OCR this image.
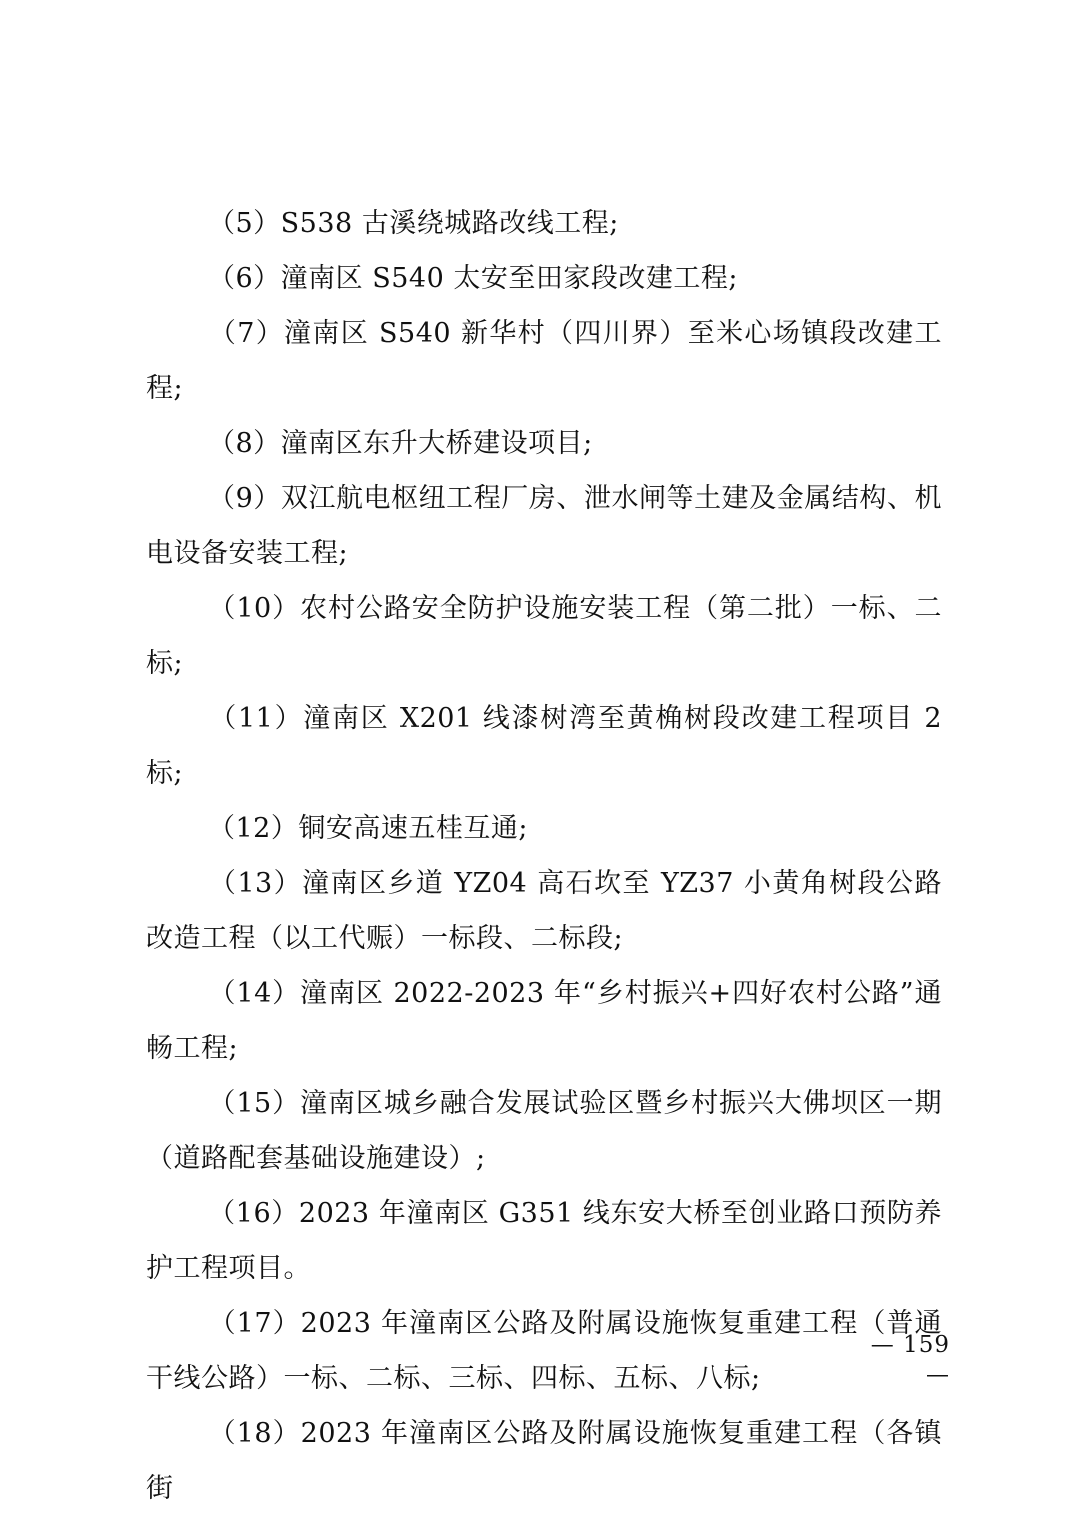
（5）S538 古溪绕城路改线工程;

（6）潼南区 S540 太安至田家段改建工程;

（7）潼南区 S540 新华村（四川界）至米心场镇段改建工程;

（8）潼南区东升大桥建设项目;

（9）双江航电枢纽工程厂房、泄水闸等土建及金属结构、机电设备安装工程;

（10）农村公路安全防护设施安装工程（第二批）一标、二标;

（11）潼南区 X201 线漆树湾至黄桷树段改建工程项目 2 标;

（12）铜安高速五桂互通;

（13）潼南区乡道 YZ04 高石坎至 YZ37 小黄角树段公路改造工程（以工代赈）一标段、二标段;

（14）潼南区 2022-2023 年“乡村振兴+四好农村公路”通畅工程;

（15）潼南区城乡融合发展试验区暨乡村振兴大佛坝区一期（道路配套基础设施建设）;

（16）2023 年潼南区 G351 线东安大桥至创业路口预防养护工程项目。

（17）2023 年潼南区公路及附属设施恢复重建工程（普通干线公路）一标、二标、三标、四标、五标、八标;

（18）2023 年潼南区公路及附属设施恢复重建工程（各镇街

— 159 —
